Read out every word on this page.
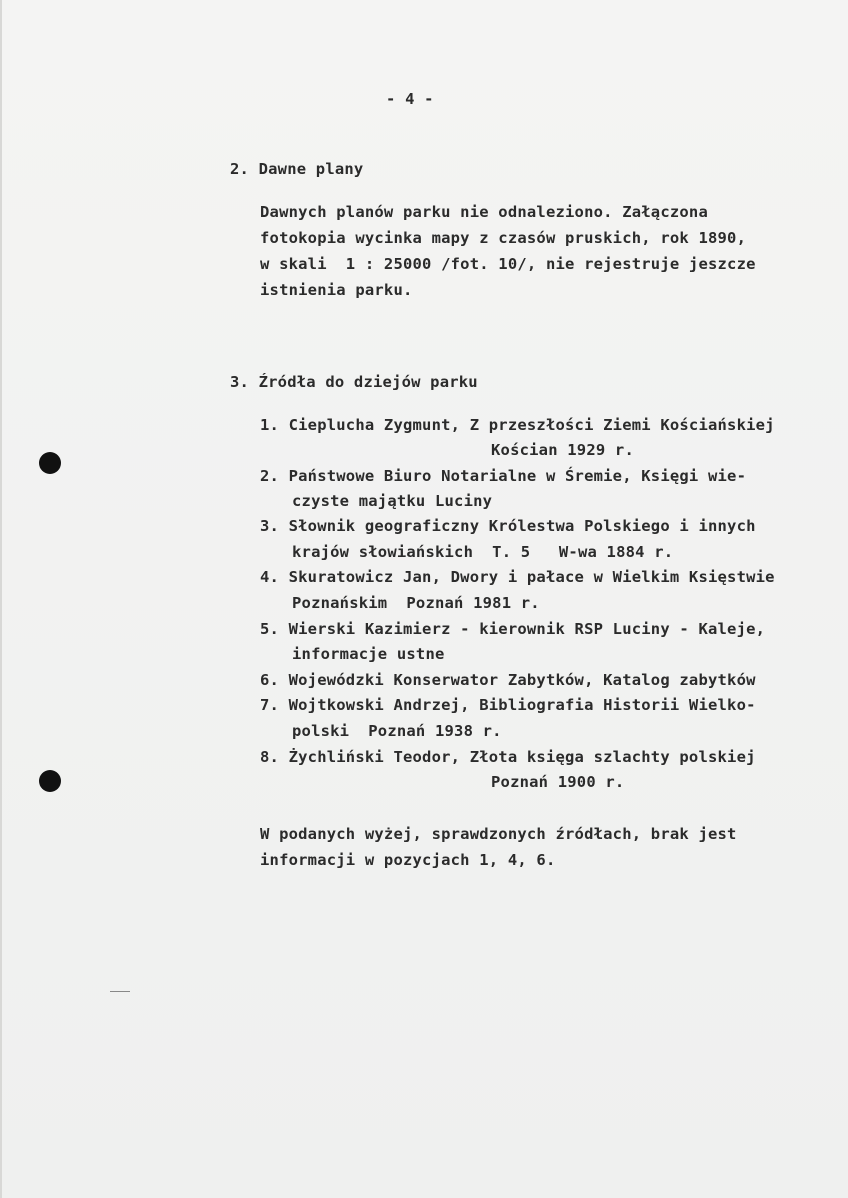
- 4 -
2. Dawne plany
Dawnych planów parku nie odnaleziono. Załączona
fotokopia wycinka mapy z czasów pruskich, rok 1890,
w skali  1 : 25000 /fot. 10/, nie rejestruje jeszcze
istnienia parku.
3. Źródła do dziejów parku
1. Cieplucha Zygmunt, Z przeszłości Ziemi Kościańskiej
Kościan 1929 r.
2. Państwowe Biuro Notarialne w Śremie, Księgi wie-
czyste majątku Luciny
3. Słownik geograficzny Królestwa Polskiego i innych
krajów słowiańskich  T. 5   W-wa 1884 r.
4. Skuratowicz Jan, Dwory i pałace w Wielkim Księstwie
Poznańskim  Poznań 1981 r.
5. Wierski Kazimierz - kierownik RSP Luciny - Kaleje,
informacje ustne
6. Wojewódzki Konserwator Zabytków, Katalog zabytków
7. Wojtkowski Andrzej, Bibliografia Historii Wielko-
polski  Poznań 1938 r.
8. Żychliński Teodor, Złota księga szlachty polskiej
Poznań 1900 r.
W podanych wyżej, sprawdzonych źródłach, brak jest
informacji w pozycjach 1, 4, 6.
